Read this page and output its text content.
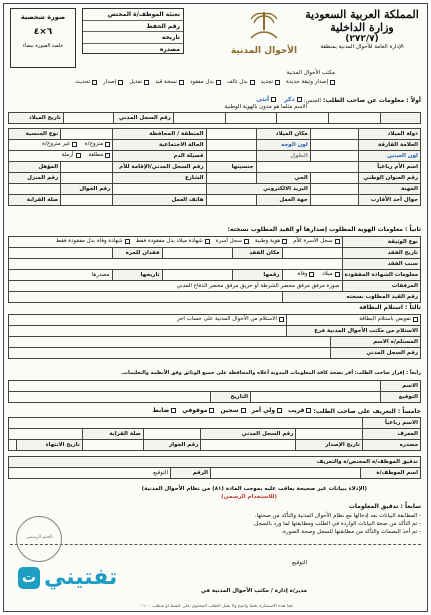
المملكة العربية السعودية
وزارة الداخلية
(٢٧٢/٧)
الإدارة العامة للأحوال المدنية بمنطقة
الأحوال المدنية
تعبئة الموظف/ة المختص
رقم الحفظ
تاريخه
مصدره
صورة شخصية
٦×٤
خلفية الصورة بيضاء
مكتب الأحوال المدنية
إصدار وثيقة جديدة
تجديد
بدل تالف
بدل مفقود
نسخة قيد
تعديل
إصدار
تحديث
أولاً : معلومات عن صاحب الطلب: الجنس:
ذكر

أنثى
الاسم مثلما هو مدون بالهوية الوطنية
					رقم السجل المدني		تاريخ الميلاد
دولة الميلاد		مكان الميلاد		المنطقة / المحافظة		نوع الجنسية
العلامة الفارقة		لون الوجه		الحالة الاجتماعية	متزوج/ة

غير متزوج/ة	

لون العينين		الطول		فصيلة الدم	مطلقة

أرملة	

اسم الأم رباعياً			جنسيتها	رقم السجل المدني/الإقامة للأم		المؤهل
رقم العنوان الوطني		الحي		الشارع		رقم المنزل
المهنة		البريد الالكتروني			رقم الجوال	
جوال أحد الأقارب		جهة العمل		هاتف العمل		صلة القرابة
ثانياً : معلومات الهوية المطلوب إصدارها أو القيد المطلوب نسخته:
نوع الوثيقة	سجل الأسرة للأم
هوية وطنية
سجل أسرة
شهادة ميلاد بدل مفقودة فقط
شهادة وفاة بدل مفقودة فقط				

تاريخ الفقد		مكان الفقد		فقدان للمرة	
سبب الفقد					
معلومات الشهادة المفقودة	ميلاد

وفاة	رقمها		تاريخها	مصدرها
المرفقات	صورة مرفق مرفق محضر الشرطة أو حريق مرفق محضر الدفاع المدني				
رقم القيد المطلوب نسخته					
ثالثاً : استلام البطاقة
تفويض باستلام البطاقة		الاستلام من الأحوال المدنية على حساب اخر

الاستلام من مكتب الأحوال المدنية فرع		
المستلم/ة الاسم		
رقم السجل المدني		
رابعاً : إقرار صاحب الطلب: أقر بصحة كافة المعلومات المدونة أعلاه والمحافظة على جميع الوثائق وفق الأنظمة والتعليمات.
الاسم			
التوقيع		التاريخ	
خامساً : التعريف على صاحب الطلب:
قريب
ولي أمر
سجين
موقوفي
ضابط
الاسم رباعياً						
المعرف		رقم السجل المدني		صلة القرابة		
مصدره	تاريخ الإصدار		رقم الجواز		تاريخ الانتهاء	
تدقيق الموظف/ة المختص/ة والتعريف
اسم الموظف/ة		الرقم	التوقيع
(الإدلاء ببيانات غير صحيحة يعاقب عليه بموجب المادة (٨١) من نظام الأحوال المدنية)
(للاستخدام الرسمي)
سابعاً : تدقيق المعلومات
- المطابقة البيانات بعد إدخالها مع نظام الأحوال المدنية والتأكد من صحتها.
- تم التأكد من صحة البيانات الواردة في الطلب ومطابقتها لما ورد بالسجل.
- تم أخذ البصمات والتأكد من مطابقتها للسجل وصحة الصورة.
التوقيع
مدير/ة إدارة / مكتب الأحوال المدنية في
الختم الرسمي
تفتيني
ت
تعبأ هذه الاستمارة بخط واضح ولا يقبل الطلب المحتوي على كشط أو شطب - ٠٠١٠
